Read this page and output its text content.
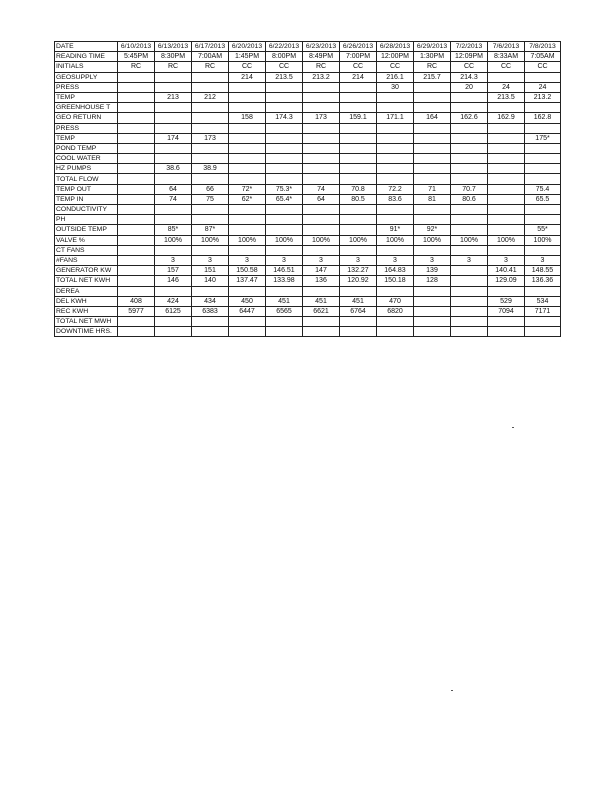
DATE	6/10/2013	6/13/2013	6/17/2013	6/20/2013	6/22/2013	6/23/2013	6/26/2013	6/28/2013	6/29/2013	7/2/2013	7/6/2013	7/8/2013
READING TIME	5:45PM	8:30PM	7:00AM	1:45PM	8:00PM	8:49PM	7:00PM	12:00PM	1:30PM	12:09PM	8:33AM	7:05AM
INITIALS	RC	RC	RC	CC	CC	RC	CC	CC	RC	CC	CC	CC
GEOSUPPLY				214	213.5	213.2	214	216.1	215.7	214.3		
PRESS								30		20	24	24
TEMP		213	212								213.5	213.2
GREENHOUSE T												
GEO RETURN				158	174.3	173	159.1	171.1	164	162.6	162.9	162.8
PRESS												
TEMP		174	173									175*
POND TEMP												
COOL WATER												
HZ PUMPS		38.6	38.9									
TOTAL FLOW												
TEMP OUT		64	66	72*	75.3*	74	70.8	72.2	71	70.7		75.4
TEMP IN		74	75	62*	65.4*	64	80.5	83.6	81	80.6		65.5
CONDUCTIVITY												
PH												
OUTSIDE TEMP		85*	87*					91*	92*			55*
VALVE %		100%	100%	100%	100%	100%	100%	100%	100%	100%	100%	100%
CT FANS												
#FANS		3	3	3	3	3	3	3	3	3	3	3
GENERATOR KW		157	151	150.58	146.51	147	132.27	164.83	139		140.41	148.55
TOTAL NET KWH		146	140	137.47	133.98	136	120.92	150.18	128		129.09	136.36
DEREA												
DEL KWH	408	424	434	450	451	451	451	470			529	534
REC KWH	5977	6125	6383	6447	6565	6621	6764	6820			7094	7171
TOTAL NET MWH												
DOWNTIME HRS.												
